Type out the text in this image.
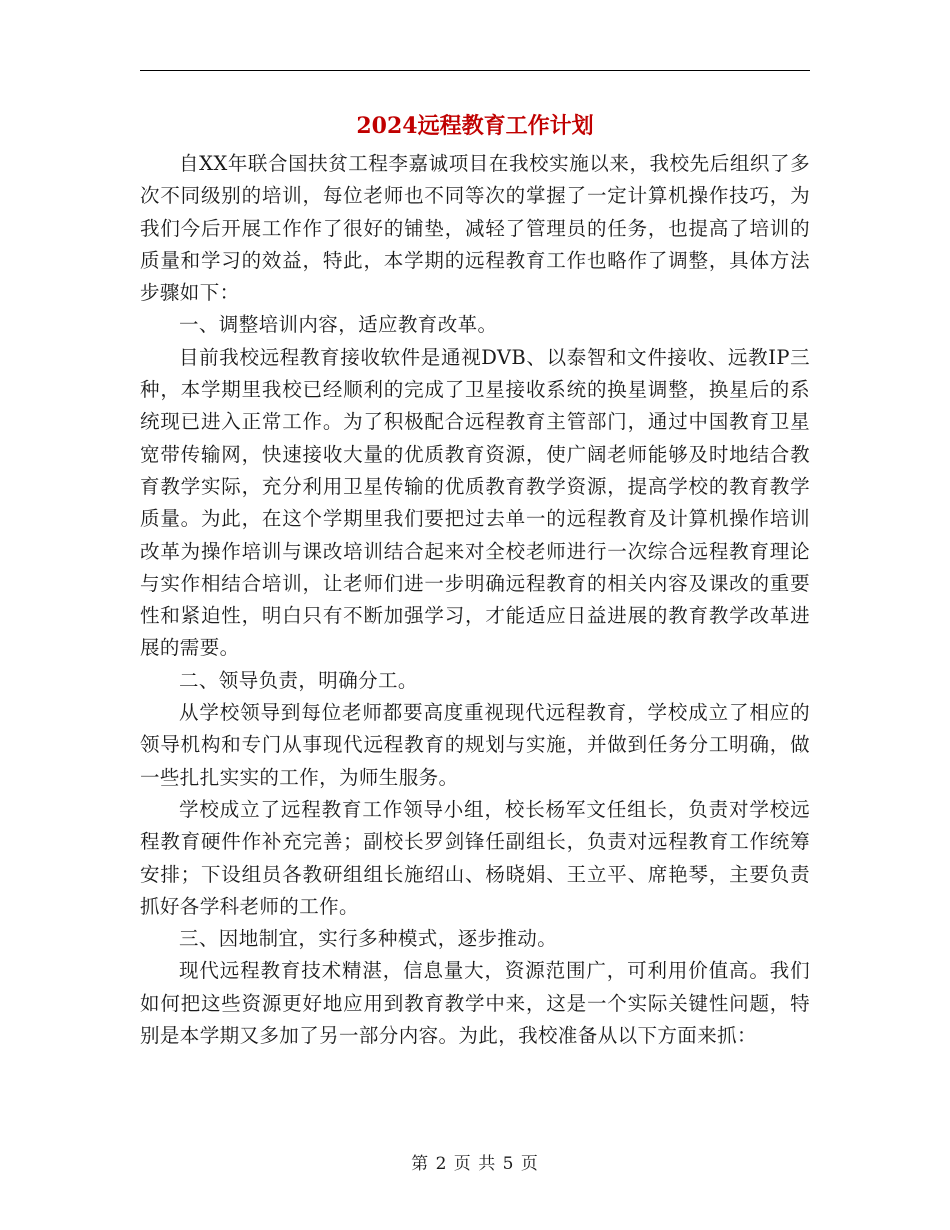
2024远程教育工作计划

自XX年联合国扶贫工程李嘉诚项目在我校实施以来，我校先后组织了多次不同级别的培训，每位老师也不同等次的掌握了一定计算机操作技巧，为我们今后开展工作作了很好的铺垫，减轻了管理员的任务，也提高了培训的质量和学习的效益，特此，本学期的远程教育工作也略作了调整，具体方法步骤如下：

一、调整培训内容，适应教育改革。

目前我校远程教育接收软件是通视DVB、以泰智和文件接收、远教IP三种，本学期里我校已经顺利的完成了卫星接收系统的换星调整，换星后的系统现已进入正常工作。为了积极配合远程教育主管部门，通过中国教育卫星宽带传输网，快速接收大量的优质教育资源，使广阔老师能够及时地结合教育教学实际，充分利用卫星传输的优质教育教学资源，提高学校的教育教学质量。为此，在这个学期里我们要把过去单一的远程教育及计算机操作培训改革为操作培训与课改培训结合起来对全校老师进行一次综合远程教育理论与实作相结合培训，让老师们进一步明确远程教育的相关内容及课改的重要性和紧迫性，明白只有不断加强学习，才能适应日益进展的教育教学改革进展的需要。

二、领导负责，明确分工。

从学校领导到每位老师都要高度重视现代远程教育，学校成立了相应的领导机构和专门从事现代远程教育的规划与实施，并做到任务分工明确，做一些扎扎实实的工作，为师生服务。

学校成立了远程教育工作领导小组，校长杨军文任组长，负责对学校远程教育硬件作补充完善；副校长罗剑锋任副组长，负责对远程教育工作统筹安排；下设组员各教研组组长施绍山、杨晓娟、王立平、席艳琴，主要负责抓好各学科老师的工作。

三、因地制宜，实行多种模式，逐步推动。

现代远程教育技术精湛，信息量大，资源范围广，可利用价值高。我们如何把这些资源更好地应用到教育教学中来，这是一个实际关键性问题，特别是本学期又多加了另一部分内容。为此，我校准备从以下方面来抓：

第 2 页 共 5 页
